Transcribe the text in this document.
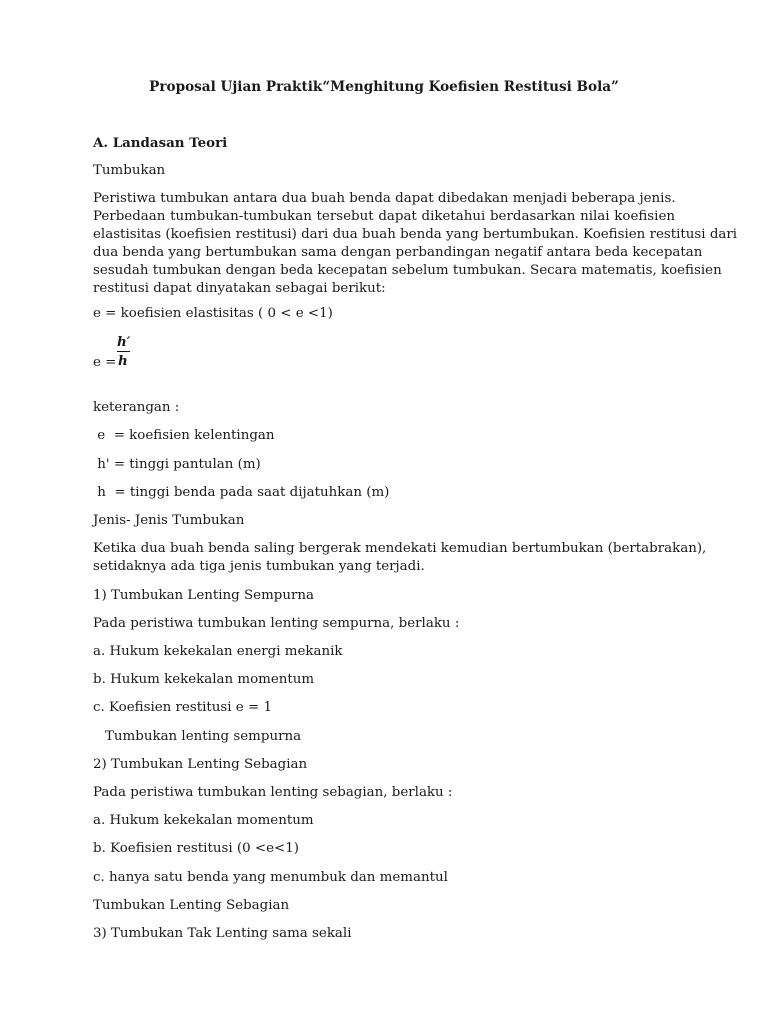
Proposal Ujian Praktik“Menghitung Koefisien Restitusi Bola”
A. Landasan Teori
Tumbukan
Peristiwa tumbukan antara dua buah benda dapat dibedakan menjadi beberapa jenis.
Perbedaan tumbukan-tumbukan tersebut dapat diketahui berdasarkan nilai koefisien
elastisitas (koefisien restitusi) dari dua buah benda yang bertumbukan. Koefisien restitusi dari
dua benda yang bertumbukan sama dengan perbandingan negatif antara beda kecepatan
sesudah tumbukan dengan beda kecepatan sebelum tumbukan. Secara matematis, koefisien
restitusi dapat dinyatakan sebagai berikut:
e = koefisien elastisitas ( 0 < e <1)
e =
h′
h
keterangan :
e  = koefisien kelentingan
h' = tinggi pantulan (m)
h  = tinggi benda pada saat dijatuhkan (m)
Jenis- Jenis Tumbukan
Ketika dua buah benda saling bergerak mendekati kemudian bertumbukan (bertabrakan),
setidaknya ada tiga jenis tumbukan yang terjadi.
1) Tumbukan Lenting Sempurna
Pada peristiwa tumbukan lenting sempurna, berlaku :
a. Hukum kekekalan energi mekanik
b. Hukum kekekalan momentum
c. Koefisien restitusi e = 1
Tumbukan lenting sempurna
2) Tumbukan Lenting Sebagian
Pada peristiwa tumbukan lenting sebagian, berlaku :
a. Hukum kekekalan momentum
b. Koefisien restitusi (0 <e<1)
c. hanya satu benda yang menumbuk dan memantul
Tumbukan Lenting Sebagian
3) Tumbukan Tak Lenting sama sekali
